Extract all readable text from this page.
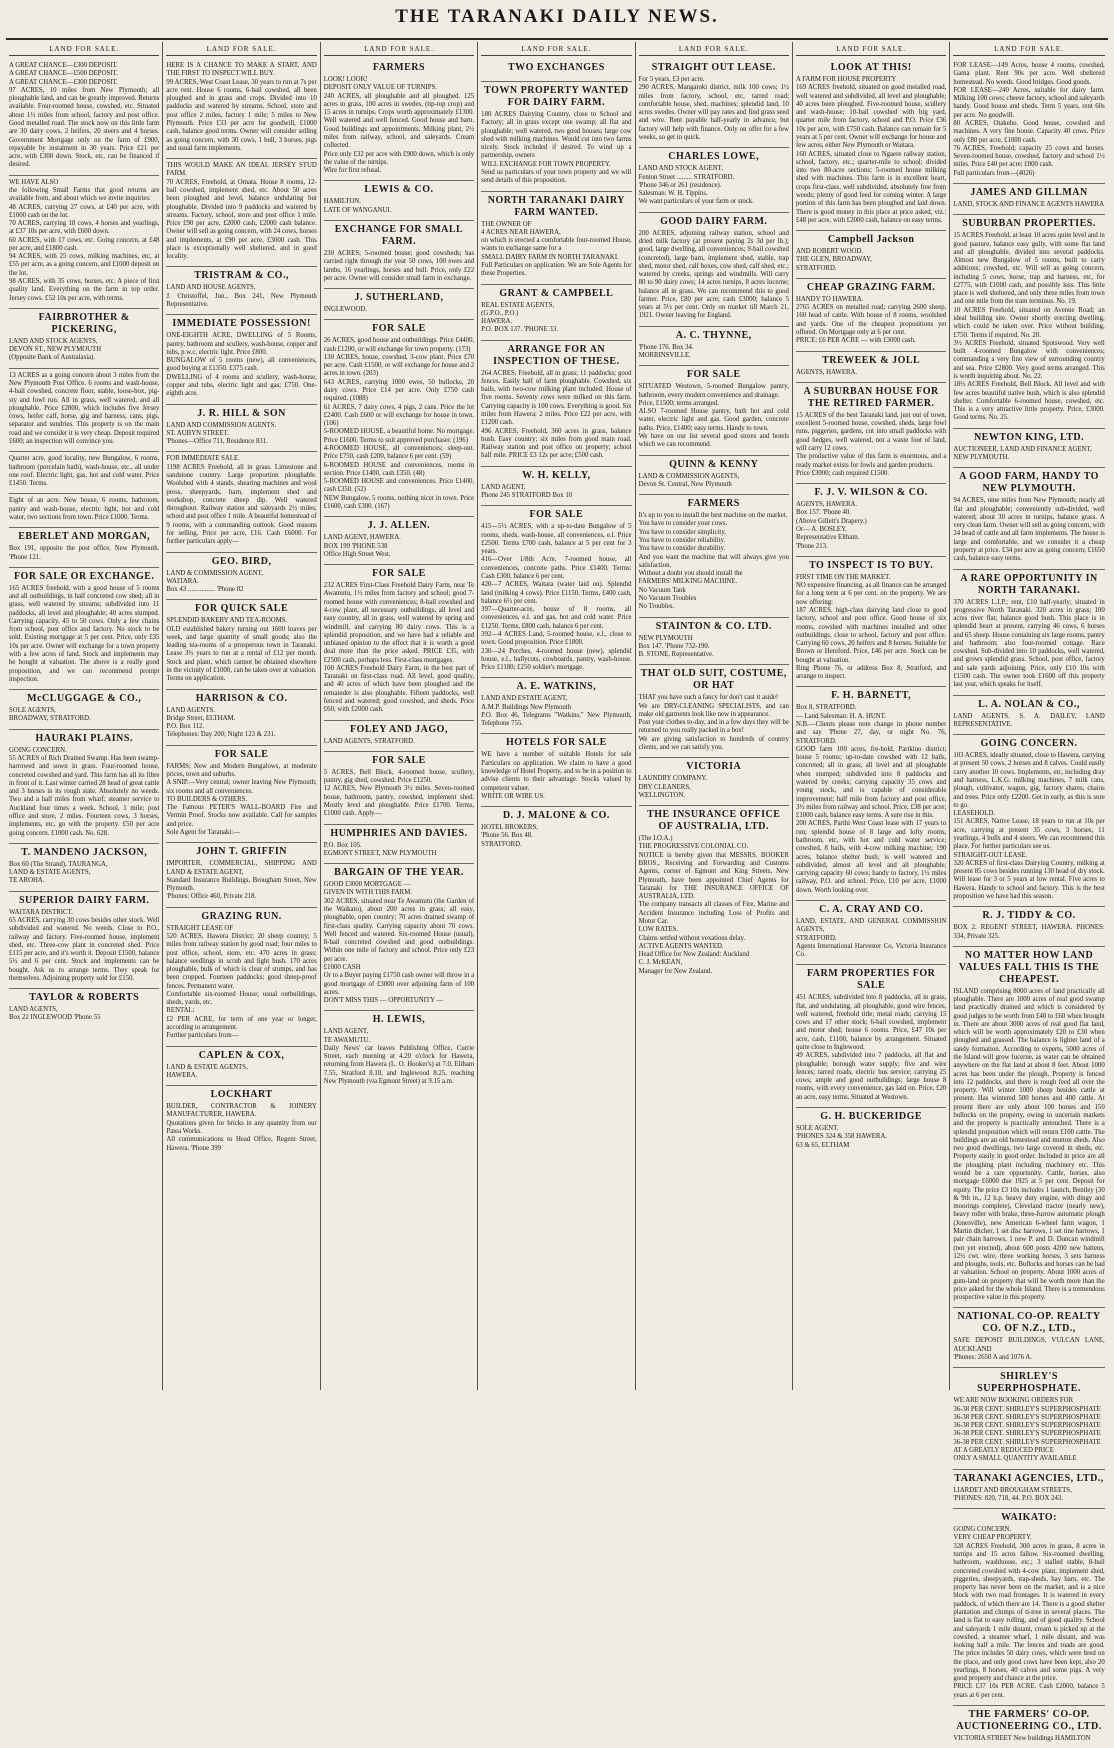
THE TARANAKI DAILY NEWS.
LAND FOR SALE.
A GREAT CHANCE—£300 DEPOSIT.
A GREAT CHANCE—£500 DEPOSIT.
A GREAT CHANCE—£300 DEPOSIT.
97 ACRES, 10 miles from New Plymouth; all ploughable land, and can be greatly improved. Returns available. Four-roomed house, cowshed, etc. Situated about 1½ miles from school, factory and post office. Good metalled road. The stock now on this little farm are 30 dairy cows, 2 heifers, 20 steers and 4 horses. Government Mortgage only on the farm of £900, repayable by instalment in 30 years. Price £21 per acre, with £300 down. Stock, etc, can be financed if desired.
WE HAVE ALSO
the following Small Farms that good returns are available from, and about which we invite inquiries:
48 ACRES, carrying 27 cows, at £40 per acre, with £1000 cash on the lot.
70 ACRES, carrying 18 cows, 4 horses and yearlings, at £37 10s per acre, with £600 down.
60 ACRES, with 17 cows, etc. Going concern, at £48 per acre, and £1800 cash.
94 ACRES, with 25 cows, milking machines, etc, at £55 per acre, as a going concern, and £1000 deposit on the lot.
98 ACRES, with 35 cows, horses, etc. A piece of first quality land. Everything on the farm in top order. Jersey cows. £52 10s per acre, with terms.
FAIRBROTHER & PICKERING,
LAND AND STOCK AGENTS,
DEVON ST., NEW PLYMOUTH
(Opposite Bank of Australasia).
13 ACRES as a going concern about 3 miles from the New Plymouth Post Office. 6 rooms and wash-house, 4-bail cowshed, concrete floor, stable, loose-box, pig-sty and fowl run. All in grass, well watered, and all ploughable. Price £2800, which includes five Jersey cows, heifer calf, horse, gig and harness, cans, pigs, separator and sundries. This property is on the main road and we consider it is very cheap. Deposit required £600; an inspection will convince you.
Quarter acre, good locality, new Bungalow, 6 rooms, bathroom (porcelain bath), wash-house, etc., all under one roof. Electric light, gas, hot and cold water. Price £1450. Terms.
Eight of an acre. New house, 6 rooms, bathroom, pantry and wash-house, electric light, hot and cold water, two sections from town. Price £1000. Terms.
EBERLET AND MORGAN,
Box 191, opposite the post office, New Plymouth. 'Phone 121.
FOR SALE OR EXCHANGE.
165 ACRES freehold, with a good house of 5 rooms and all outbuildings, in half concreted cow shed; all in grass, well watered by streams; subdivided into 11 paddocks, all level and ploughable; 40 acres stumped. Carrying capacity, 45 to 50 cows. Only a few chains from school, post office and factory. No stock to be sold. Existing mortgage at 5 per cent. Price, only £35 10s per acre. Owner will exchange for a town property with a few acres of land. Stock and implements may be bought at valuation. The above is a really good proposition, and we can recommend prompt inspection.
McCLUGGAGE & CO.,
SOLE AGENTS,
BROADWAY, STRATFORD.
HAURAKI PLAINS.
GOING CONCERN.
55 ACRES of Rich Drained Swamp. Has been swamp-harrowed and sown in grass. Four-roomed house, concreted cowshed and yard. This farm has all its fibre in front of it. Last winter carried 28 head of great cattle and 3 horses in its rough state. Absolutely no weeds. Two and a half miles from wharf; steamer service to Auckland four times a week. School, 1 mile; post office and store, 2 miles. Fourteen cows, 3 horses, implements, etc, go with the property. £50 per acre going concern. £1000 cash. No. 628.
T. MANDENO JACKSON,
Box 60 (The Strand), TAURANGA,
LAND & ESTATE AGENTS,
TE AROHA.
SUPERIOR DAIRY FARM.
WAITARA DISTRICT.
65 ACRES, carrying 30 cows besides other stock. Well subdivided and watered. No weeds. Close to P.O., railway and factory. Five-roomed house, implement shed, etc. Three-cow plant in concreted shed. Price £115 per acre, and it's worth it. Deposit £1500, balance 5½ and 6 per cent. Stock and implements can be bought. Ask us to arrange terms. They speak for themselves. Adjoining property sold for £150.
TAYLOR & ROBERTS
LAND AGENTS,
Box 22 INGLEWOOD 'Phone 55
LAND FOR SALE.
HERE IS A CHANCE TO MAKE A START, AND THE FIRST TO INSPECT WILL BUY.
99 ACRES, West Coast Lease, 30 years to run at 7s per acre rent. House 6 rooms, 6-bail cowshed, all been ploughed and in grass and crops. Divided into 10 paddocks and watered by streams. School, store and post office 2 miles, factory 1 mile; 5 miles to New Plymouth. Price £33 per acre for goodwill, £1000 cash, balance good terms. Owner will consider selling as going concern, with 30 cows, 1 bull, 3 horses, pigs and usual farm implements.
THIS WOULD MAKE AN IDEAL JERSEY STUD FARM.
70 ACRES, Freehold, at Omata. House 8 rooms, 12-bail cowshed, implement shed, etc. About 50 acres been ploughed and level, balance undulating but ploughable. Divided into 9 paddocks and watered by streams. Factory, school, store and post office 1 mile. Price £90 per acre, £2000 cash, £2000 cash balance. Owner will sell as going concern, with 24 cows, horses and implements, at £90 per acre, £3000 cash. This place is exceptionally well sheltered, and in good locality.
TRISTRAM & CO.,
LAND AND HOUSE AGENTS,
J. Christoffel, Jun., Box 241, New Plymouth Representative.
IMMEDIATE POSSESSION!
ONE-EIGHTH ACRE, DWELLING of 5 Rooms, pantry, bathroom and scullery, wash-house, copper and tubs, p.w.c, electric light. Price £800.
BUNGALOW of 5 rooms (new), all conveniences, good buying at £1350. £375 cash.
DWELLING of 4 rooms and scullery, wash-house, copper and tubs, electric light and gas; £750. One-eighth acre.
J. R. HILL & SON
LAND AND COMMISSION AGENTS.
ST. AUBYN STREET.
'Phones—Office 711, Residence 831.
FOR IMMEDIATE SALE.
1198 ACRES Freehold, all in grass. Limestone and sandstone country. Large proportion ploughable. Woolshed with 4 stands, shearing machines and wool press, sheepyards, barn, implement shed and workshop, concrete sheep dip. Well watered throughout. Railway station and saleyards 2½ miles; school and post office 1 mile. A beautiful homestead of 9 rooms, with a commanding outlook. Good reasons for selling. Price per acre, £16. Cash £6000. For further particulars apply—
GEO. BIRD,
LAND & COMMISSION AGENT,
WAITARA.
Box 43 ................ 'Phone 82
FOR QUICK SALE
SPLENDID BAKERY AND TEA-ROOMS.
OLD established bakery turning out 1600 loaves per week, and large quantity of small goods; also the leading tea-rooms of a prosperous town in Taranaki. Lease 3½ years to run at a rental of £12 per month. Stock and plant, which cannot be obtained elsewhere in the vicinity of £1000, can be taken over at valuation.
Terms on application.
HARRISON & CO.
LAND AGENTS.
Bridge Street, ELTHAM.
P.O. Box 112.
Telephones: Day 200; Night 123 & 231.
FOR SALE
FARMS; New and Modern Bungalows, at moderate prices, town and suburbs.
A SNIP.—Very central; owner leaving New Plymouth; six rooms and all conveniences.
TO BUILDERS & OTHERS.
The Famous PETER'S WALL-BOARD Fire and Vermin Proof. Stocks now available. Call for samples and price.
Sole Agent for Taranaki:—
JOHN T. GRIFFIN
IMPORTER, COMMERCIAL, SHIPPING AND LAND & ESTATE AGENT,
Standard Insurance Buildings, Brougham Street, New Plymouth.
'Phones: Office 460, Private 218.
GRAZING RUN.
STRAIGHT LEASE OF
520 ACRES, Hawera District; 20 sheep country; 5 miles from railway station by good road; four miles to post office, school, store, etc. 470 acres in grass; balance seedlings in scrub and light bush. 170 acres ploughable, bulk of which is clear of stumps, and has been cropped. Fourteen paddocks; good sheep-proof fences. Permanent water.
Comfortable six-roomed House; usual outbuildings, sheds, yards, etc.
RENTAL:
£2 PER ACRE, for term of one year or longer, according to arrangement.
Further particulars from—
CAPLEN & COX,
LAND & ESTATE AGENTS,
HAWERA.
LOCKHART
BUILDER, CONTRACTOR & JOINERY MANUFACTURER, HAWERA.
Quotations given for bricks in any quantity from our Patea Works.
All communications to Head Office, Regent Street, Hawera. 'Phone 399
LAND FOR SALE.
FARMERS
LOOK! LOOK!
DEPOSIT ONLY VALUE OF TURNIPS.
240 ACRES, all ploughable and all ploughed. 125 acres in grass, 100 acres in swedes, (tip-top crop) and 15 acres in turnips. Crops worth approximately £1300. Well watered and well fenced. Good house and barn. Good buildings and appointments. Milking plant, 2½ miles from railway, school, and saleyards. Cream collected.
Price only £32 per acre with £900 down, which is only the value of the turnips.
Wire for first refusal.
LEWIS & CO.
HAMILTON.
LATE OF WANGANUI.
EXCHANGE FOR SMALL FARM.
230 ACRES; 5-roomed house; good cowsheds; has carried right through the year 50 cows, 100 ewes and lambs, 16 yearlings, horses and bull. Price, only £22 per acre. Owner will consider small farm in exchange.
J. SUTHERLAND,
INGLEWOOD.
FOR SALE
26 ACRES, good house and outbuildings. Price £4400, cash £1200, or will exchange for town property. (173)
130 ACRES, house, cowshed, 3-cow plant. Price £70 per acre. Cash £1500, or will exchange for house and 2 acres in town. (203)
643 ACRES, carrying 1000 ewes, 50 bullocks, 20 dairy cows. Price £14 per acre. Only £750 cash required. (1088)
61 ACRES, 7 dairy cows, 4 pigs, 2 cans. Price the lot £2400. Cash £600 or will exchange for house in town. (106)
5-ROOMED HOUSE, a beautiful home. No mortgage. Price £1600. Terms to suit approved purchaser. (196)
4-ROOMED HOUSE, all conveniences; sleep-out. Price £750, cash £200, balance 6 per cent. (59)
6-ROOMED HOUSE and conveniences, rooms in section. Price £1400, cash £350. (48)
5-ROOMED HOUSE and conveniences. Price £1400, cash £350. (52)
NEW Bungalow, 5 rooms, nothing nicer in town. Price £1600, cash £300. (167)
J. J. ALLEN.
LAND AGENT, HAWERA.
BOX 199 'PHONE 538
Office High Street West.
FOR SALE
232 ACRES First-Class Freehold Dairy Farm, near Te Awamutu, 1½ miles from factory and school; good 7-roomed house with conveniences; 8-bail cowshed and 4-cow plant, all necessary outbuildings, all level and easy country, all in grass, well watered by spring and windmill, and carrying 80 dairy cows. This is a splendid proposition, and we have had a reliable and unbiased opinion to the effect that it is worth a good deal more than the price asked. PRICE £35, with £2500 cash, perhaps less. First-class mortgages.
100 ACRES Freehold Dairy Farm, in the best part of Taranaki on first-class road. All level, good quality, and 40 acres of which have been ploughed and the remainder is also ploughable. Fifteen paddocks, well fenced and watered; good cowshed, and sheds. Price £60, with £2000 cash.
FOLEY AND JAGO,
LAND AGENTS, STRATFORD.
FOR SALE
5 ACRES, Bell Block, 4-roomed house, scullery, pantry, gig shed, cowshed. Price £1250.
12 ACRES, New Plymouth 3½ miles. Seven-roomed house, bathroom, pantry, cowshed, implement shed. Mostly level and ploughable. Price £1700. Terms, £1000 cash. Apply—
HUMPHRIES AND DAVIES.
P.O. Box 105.
EGMONT STREET, NEW PLYMOUTH
BARGAIN OF THE YEAR.
GOOD £3000 MORTGAGE —
GIVEN IN WITH THIS FARM.
302 ACRES, situated near Te Awamutu (the Garden of the Waikato), about 200 acres in grass; all easy, ploughable, open country; 70 acres drained swamp of first-class quality. Carrying capacity about 70 cows. Well fenced and watered. Six-roomed House (usual), 8-bail concreted cowshed and good outbuildings. Within one mile of factory and school. Price only £23 per acre.
£1000 CASH
Or to a Buyer paying £1750 cash owner will throw in a good mortgage of £3000 over adjoining farm of 100 acres.
DON'T MISS THIS — OPPORTUNITY —
H. LEWIS,
LAND AGENT,
TE AWAMUTU.
Daily News' car leaves Publishing Office, Currie Street, each morning at 4.20 o'clock for Hawera, returning from Hawera (L. O. Hooker's) at 7.0, Eltham 7.55, Stratford 8.10, and Inglewood 8.25, reaching New Plymouth (via Egmont Street) at 9.15 a.m.
LAND FOR SALE.
TWO EXCHANGES
TOWN PROPERTY WANTED FOR DAIRY FARM.
180 ACRES Dairying Country, close to School and Factory; all in grass except one swamp; all flat and ploughable; well watered, two good houses; large cow shed with milking machines. Would cut into two farms nicely. Stock included if desired. To wind up a partnership, owners
WILL EXCHANGE FOR TOWN PROPERTY.
Send us particulars of your town property and we will send details of this proposition.
NORTH TARANAKI DAIRY FARM WANTED.
THE OWNER OF
4 ACRES NEAR HAWERA,
on which is erected a comfortable four-roomed House, wants to exchange same for a
SMALL DAIRY FARM IN NORTH TARANAKI.
Full Particulars on application. We are Sole Agents for these Properties.
GRANT & CAMPBELL
REAL ESTATE AGENTS,
(G.P.O., P.O.)
HAWERA.
P.O. BOX 137. 'PHONE 33.
ARRANGE FOR AN INSPECTION OF THESE.
264 ACRES, Freehold, all in grass; 11 paddocks; good fences. Easily half of farm ploughable. Cowshed, six bails, with two-cow milking plant included. House of five rooms. Seventy cows were milked on this farm. Carrying capacity is 100 cows. Everything is good. Six miles from Hawera; 2 miles. Price £22 per acre, with £1200 cash.
496 ACRES, Freehold, 360 acres in grass, balance bush. Easy country; six miles from good main road. Railway station and post office on property; school half mile. PRICE £3 12s per acre; £500 cash.
W. H. KELLY,
LAND AGENT,
Phone 245 STRATFORD Box 10
FOR SALE
415—5½ ACRES, with a up-to-date Bungalow of 5 rooms, sheds, wash-house, all conveniences, e.l. Price £2500. Terms £700 cash, balance at 5 per cent for 3 years.
416—Over 1/8th Acre, 7-roomed house, all conveniences, concrete paths. Price £1400. Terms: Cash £300, balance 6 per cent.
420—7 ACRES, Waitara (water laid on). Splendid land (milking 4 cows). Price £1150. Terms, £400 cash, balance 6½ per cent.
397—Quarter-acre, house of 8 rooms, all conveniences, e.l. and gas, hot and cold water. Price £1250. Terms, £800 cash, balance 6 per cent.
392—4 ACRES Land, 5-roomed house, e.l., close to town. Good proposition. Price £1800.
230—24 Perches, 4-roomed house (new), splendid house, e.l., ballycots, cowboards, pantry, wash-house. Price £1180; £250 soldier's mortgage.
A. E. WATKINS,
LAND AND ESTATE AGENT,
A.M.P. Buildings New Plymouth
P.O. Box 46, Telegrams "Watkins," New Plymouth, Telephone 755.
HOTELS FOR SALE
WE have a number of suitable Hotels for sale Particulars on application. We claim to have a good knowledge of Hotel Property, and to be in a position to advise clients to their advantage. Stocks valued by competent valuer.
WRITE OR WIRE US.
D. J. MALONE & CO.
HOTEL BROKERS,
'Phone 56. Box 48.
STRATFORD.
LAND FOR SALE.
STRAIGHT OUT LEASE.
For 5 years, £3 per acre.
290 ACRES, Mangatoki district, milk 100 cows; 1½ miles from factory, school, etc, tarred road; comfortable house, shed, machines; splendid land, 10 acres swedes. Owner will pay rates and find grass seed and wire. Rent payable half-yearly in advance, but factory will help with finance. Only on offer for a few weeks, so get in quick.
CHARLES LOWE,
LAND AND STOCK AGENT,
Fenton Street ......... STRATFORD.
'Phone 346 or 261 (residence).
Salesman: W. H. Tippins.
We want particulars of your farm or stock.
GOOD DAIRY FARM.
200 ACRES, adjoining railway station, school and dried milk factory (at present paying 2s 3d per lb.); good, large dwelling, all conveniences; 9-bail cowshed (concreted), large barn, implement shed, stable, trap shed, motor shed, calf boxes, cow shed, calf shed, etc.; watered by creeks, springs and windmills. Will carry 80 to 90 dairy cows; 14 acres turnips, 8 acres lucerne; balance all in grass. We can recommend this to good farmer. Price, £80 per acre; cash £3000; balance 5 years at 5½ per cent. Only on market till March 21, 1921. Owner leaving for England.
A. C. THYNNE,
'Phone 176. Box 34.
MORRINSVILLE.
FOR SALE
SITUATED Westown, 5-roomed Bungalow pantry, bathroom, every modern convenience and drainage.
Price, £1500; terms arranged.
ALSO 7-roomed House pantry, bath hot and cold water, electric light and gas. Good garden, concrete paths. Price, £1400; easy terms. Handy to town.
We have on our list several good stores and hotels which we can recommend.
QUINN & KENNY
LAND & COMMISSION AGENTS,
Devon St. Central, New Plymouth
FARMERS
It's up to you to install the best machine on the market.
You have to consider your cows.
You have to consider simplicity.
You have to consider reliability.
You have to consider durability.
And you want the machine that will always give you satisfaction.
Without a doubt you should install the
FARMERS' MILKING MACHINE.
No Vacuum Tank
No Vacuum Troubles
No Troubles.
STAINTON & CO. LTD.
NEW PLYMOUTH
Box 147. 'Phone 732-190.
B. STONE, Representative.
THAT OLD SUIT, COSTUME, OR HAT
THAT you have such a fancy for don't cast it aside!
We are DRY-CLEANING SPECIALISTS, and can make old garments look like new in appearance.
Post your clothes to-day, and in a few days they will be returned to you really packed in a box!
We are giving satisfaction to hundreds of country clients, and we can satisfy you.
VICTORIA
LAUNDRY COMPANY.
DRY CLEANERS,
WELLINGTON.
THE INSURANCE OFFICE OF AUSTRALIA, LTD.
(The I.O.A.)
THE PROGRESSIVE COLONIAL CO.
NOTICE is hereby given that MESSRS. BOOKER BROS., Receiving and Forwarding and Customs Agents, corner of Egmont and King Streets, New Plymouth, have been appointed Chief Agents for Taranaki for THE INSURANCE OFFICE OF AUSTRALIA, LTD.
The company transacts all classes of Fire, Marine and Accident Insurance including Loss of Profits and Motor Car.
LOW RATES.
Claims settled without vexatious delay.
ACTIVE AGENTS WANTED.
Head Office for New Zealand: Auckland
C. J. McKEAN,
Manager for New Zealand.
LAND FOR SALE.
LOOK AT THIS!
A FARM FOR HOUSE PROPERTY
169 ACRES freehold, situated on good metalled road, well watered and subdivided, all level and ploughable; 40 acres been ploughed. Five-roomed house, scullery and wash-house; 10-bail cowshed with big yard, quarter mile from factory, school and P.O. Price £36 10s per acre, with £750 cash. Balance can remain for 5 years at 5 per cent. Owner will exchange for house and few acres, either New Plymouth or Waitara.
160 ACRES, situated close to Ngaere railway station, school, factory, etc.; quarter-mile to school; divided into two 80-acre sections; 5-roomed house milking shed with machines. This farm is in excellent heart, crops first-class, well subdivided, absolutely free from weeds; plenty of good feed for coming winter. A large portion of this farm has been ploughed and laid down. There is good money in this place at price asked, viz.: £48 per acre, with £2000 cash, balance on easy terms.
Campbell Jackson
AND ROBERT WOOD.
THE GLEN, BROADWAY,
STRATFORD.
CHEAP GRAZING FARM.
HANDY TO HAWERA.
2765 ACRES on metalled road; carrying 2600 sheep, 160 head of cattle. With house of 8 rooms, woolshed and yards. One of the cheapest propositions yet offered. On Mortgage only at 6 per cent.
PRICE: £6 PER ACRE — with £3000 cash.
TREWEEK & JOLL
AGENTS, HAWERA.
A SUBURBAN HOUSE FOR THE RETIRED FARMER.
15 ACRES of the best Taranaki land, just out of town, excellent 5-roomed house, cowshed, sheds, large fowl runs, piggeries, gardens, cut into small paddocks with good hedges, well watered, not a waste foot of land, will carry 12 cows.
The productive value of this farm is enormous, and a ready market exists for fowls and garden products.
Price £3000; cash required £1500.
F. J. V. WILSON & CO.
AGENTS, HAWERA.
Box 157. 'Phone 40.
(Above Gillett's Drapery.)
Or— A. BOSLEY,
Representative Eltham.
'Phone 213.
TO INSPECT IS TO BUY.
FIRST TIME ON THE MARKET.
NO expensive financing, as all finance can be arranged for a long term at 6 per cent. on the property. We are now offering:
187 ACRES, high-class dairying land close to good factory, school and post office. Good house of six rooms, cowshed with machines installed and other outbuildings, close to school, factory and post office. Carrying 60 cows, 20 heifers and 8 horses. Suitable for Brown or Hereford. Price, £46 per acre. Stock can be bought at valuation.
Ring Phone 76, or address Box 8, Stratford, and arrange to inspect.
F. H. BARNETT,
Box 8, STRATFORD.
— Land Salesman: H. A. HUNT.
N.B.—Clients please note change in phone number and say 'Phone 27, day, or night No. 76, STRATFORD.
GOOD farm 100 acres, fre-hold, Parikino district; house 5 rooms; up-to-date cowshed with 12 bails, concreted; all in grass, all level and all ploughable when stumped; subdivided into 8 paddocks and watered by creeks; carrying capacity 35 cows and young stock, and is capable of considerable improvement; half mile from factory and post office, 3½ miles from railway and school. Price, £38 per acre; £1000 cash, balance easy terms. A sure rise in this.
200 ACRES, Parihi West Coast lease with 17 years to run; splendid house of 8 large and lofty rooms, bathroom, etc, with hot and cold water service; cowshed, 8 bails, with 4-cow milking machine; 190 acres, balance shelter bush; is well watered and subdivided, almost all level and all ploughable; carrying capacity 60 cows; handy to factory, 1½ miles railway, P.O. and school. Price, £10 per acre, £1000 down. Worth looking over.
C. A. CRAY AND CO.
LAND, ESTATE, AND GENERAL COMMISSION AGENTS,
STRATFORD.
Agents International Harvester Co, Victoria Insurance Co.
FARM PROPERTIES FOR SALE
451 ACRES, subdivided into 8 paddocks, all in grass, flat, and undulating, all ploughable, good wire fences, well watered, freehold title; metal roads; carrying 15 cows and 17 other stock; 6-bail cowshed, implement and motor shed; house 6 rooms. Price, £47 10s per acre, cash, £1100, balance by arrangement. Situated quite close to Inglewood.
49 ACRES, subdivided into 7 paddocks, all flat and ploughable; borough water supply; five and wire fences; tarred roads, electric bus service; carrying 25 cows; ample and good outbuildings; large house 8 rooms, with every convenience, gas laid on. Price, £20 an acre, easy terms. Situated at Westown.
G. H. BUCKERIDGE
SOLE AGENT.
'PHONES 324 & 358 HAWERA.
63 & 65, ELTHAM
LAND FOR SALE.
FOR LEASE—149 Acres, house 4 rooms, cowshed, Gama plant. Rent 90s per acre. Well sheltered homestead. No weeds. Good bridges. Good goods.
FOR LEASE—240 Acres, suitable for dairy farm. Milking 100 cows; cheese factory, school and saleyards handy. Good house and sheds. Term 5 years, rent 60s per acre. No goodwill.
80 ACRES, Otakeho. Good house, cowshed and machines. A very fine house. Capacity 40 cows. Price only £80 per acre, £1000 cash.
76 ACRES, Freehold; capacity 25 cows and horses. Seven-roomed house, cowshed, factory and school 1½ miles. Price £40 per acre; £800 cash.
Full particulars from—(4026)
JAMES AND GILLMAN
LAND, STOCK AND FINANCE AGENTS HAWERA
SUBURBAN PROPERTIES.
15 ACRES Freehold, at least 10 acres quite level and in good pasture, balance easy gully, with some flat land and all ploughable, divided into several paddocks. Almost new Bungalow of 5 rooms, built to carry additions; cowshed, etc. Will sell as going concern, including 5 cows, horse, trap and harness, etc, for £2775, with £1000 cash, and possibly less. This little place is well sheltered, and only three miles from town and one mile from the tram terminus. No. 19.
10 ACRES Freehold, situated on Avenue Road; an ideal building site. Owner shortly erecting dwelling, which could be taken over. Price without building, £750. Terms if required. No. 20.
3½ ACRES Freehold, situated Spotswood. Very well built 4-roomed Bungalow with conveniences; commanding a very fine view of surrounding country and sea. Price £2800. Very good terms arranged. This is worth inquiring about. No. 22.
18½ ACRES Freehold, Bell Block. All level and with few acres beautiful native bush, which is also splendid shelter. Comfortable 6-roomed house, cowshed, etc. This is a very attractive little property. Price, £3000. Good terms. No. 25.
NEWTON KING, LTD.
AUCTIONEER, LAND AND FINANCE AGENT,
NEW PLYMOUTH.
A GOOD FARM, HANDY TO NEW PLYMOUTH.
94 ACRES, nine miles from New Plymouth; nearly all flat and ploughable; conveniently sub-divided, well watered; about 30 acres in turnips, balance grass. A very clean farm. Owner will sell as going concern, with 24 head of cattle and all farm implements. The house is large and comfortable, and we consider it a cheap property at price. £34 per acre as going concern; £1650 cash, balance easy terms.
A RARE OPPORTUNITY IN NORTH TARANAKI.
370 ACRES L.I.P.; rent, £10 half-yearly; situated in progressive North Taranaki. 320 acres in grass; 100 acres river flat; balance good bush. This place is in splendid heart at present, carrying 46 cows, 6 horses and 65 sheep. House containing six large rooms, pantry and bathroom; also four-roomed cottage. Race cowshed. Sub-divided into 10 paddocks, well watered, and grows splendid grass. School, post office, factory and sale yards adjoining. Price, only £10 10s with £1500 cash. The owner took £1600 off this property last year, which speaks for itself.
L. A. NOLAN & CO.,
LAND AGENTS. S. A. DAILEY, LAND REPRESENTATIVE.
GOING CONCERN.
103 ACRES, ideally situated, close to Hawera, carrying at present 50 cows, 2 horses and 8 calves. Could easily carry another 10 cows. Implements, etc, including dray and harness, L.K.G. milking machines, 7 milk cans, plough, cultivator, wagon, gig, factory shares, chains and trees. Price only £2200. Get in early, as this is sure to go.
LEASEHOLD.
151 ACRES, Native Lease, 18 years to run at 10s per acre, carrying at present 35 cows, 3 horses, 11 yearlings, 4 bulls and 4 steers. We can recommend this place. For further particulars see us.
STRAIGHT-OUT LEASE.
320 ACRES of first-class Dairying Country, milking at present 85 cows besides running 130 head of dry stock. Will lease for 3 or 5 years at low rental. Five acres to Hawera. Handy to school and factory. This is the best proposition we have had this season.
R. J. TIDDY & CO.
BOX 2. REGENT STREET, HAWERA. PHONES: 334, Private 325.
NO MATTER HOW LAND VALUES FALL THIS IS THE CHEAPEST.
ISLAND comprising 8000 acres of land practically all ploughable. There are 1000 acres of real good swamp land practically drained and which is considered by good judges to be worth from £40 to £60 when brought in. There are about 3000 acres of real good flat land, which will be worth approximately £20 to £30 when ploughed and grassed. The balance is lighter land of a sandy formation. According to experts, 5000 acres of the Island will grow lucerne, as water can be obtained anywhere on the flat land at about 8 feet. About 1000 acres has been under the plough. Property is fenced into 12 paddocks, and there is rough feed all over the property. Will winter 1000 sheep besides cattle at present. Has wintered 500 horses and 400 cattle. At present there are only about 100 horses and 150 bullocks on the property, owing to uncertain markets and the property is practically untouched. There is a splendid proposition which will return £100 cattle. The buildings are an old homestead and mutton sheds. Also two good dwellings, two large covered in sheds, etc. Property easily in good order. Included in price are all the ploughing plant including machinery etc. This would be a rare opportunity. Cattle, horses, also mortgage £6000 due 1925 at 5 per cent. Deposit for equity. The price £3 10s includes 1 launch, Bentley (30 & 9th in., 12 h.p. heavy duty engine, with dingy and moorings complete), Cleveland tractor (nearly new), heavy roller with brake, three-furrow automatic plough (Jonesville), new American 6-wheel farm wagon, 1 Martin ditcher, 1 set disc harrows, 1 set tine harrows, 1 pair chain harrows, 1 new P. and D. Duncan windmill (not yet erected), about 600 posts 4200 new battens, 12½ cwt. wire, three working horses, 3 sets harness and ploughs, tools, etc. Bullocks and horses can be had at valuation. School on property. About 1000 acres of gum-land on property that will be worth more than the price asked for the whole Island. There is a tremendous prospective value in this property.
NATIONAL CO-OP. REALTY CO. OF N.Z., LTD.,
SAFE DEPOSIT BUILDINGS, VULCAN LANE, AUCKLAND
'Phones: 2650 A and 1076 A.
SHIRLEY'S SUPERPHOSPHATE.
WE ARE NOW BOOKING ORDERS FOR
36-38 PER CENT. SHIRLEY'S SUPERPHOSPHATE
36-38 PER CENT. SHIRLEY'S SUPERPHOSPHATE
36-38 PER CENT. SHIRLEY'S SUPERPHOSPHATE
36-38 PER CENT. SHIRLEY'S SUPERPHOSPHATE
36-38 PER CENT. SHIRLEY'S SUPERPHOSPHATE
AT A GREATLY REDUCED PRICE
ONLY A SMALL QUANTITY AVAILABLE
TARANAKI AGENCIES, LTD.,
LIARDET AND BROUGHAM STREETS,
'PHONES: 820, 718, 44. P.O. BOX 243.
WAIKATO:
GOING CONCERN.
VERY CHEAP PROPERTY.
328 ACRES Freehold, 300 acres in grass, 8 acres in turnips and 15 acres fallow. Six-roomed dwelling, bathroom, washhouse, etc.; 3 stalled stable, 8-bail concreted cowshed with 4-cow plant, implement shed, piggeries, sheepyards, trap-sheds, hay barn, etc. The property has never been on the market, and is a nice block with two road frontages. It is watered in every paddock, of which there are 14. There is a good shelter plantation and clumps of ti-tree in several places. The land is flat to easy rolling, and of good quality. School and saleyards 1 mile distant, cream is picked up at the cowshed, a steamer wharf, 1 mile distant, and was looking half a mile. The fences and roads are good. The price includes 50 dairy cows, which were bred on the place, and only good cows have been kept, also 20 yearlings, 8 horses, 40 calves and some pigs. A very good property and chance at the price.
PRICE £37 10s PER ACRE. Cash £2000, balance 5 years at 6 per cent.
THE FARMERS' CO-OP. AUCTIONEERING CO., LTD.
VICTORIA STREET New buildings HAMILTON
